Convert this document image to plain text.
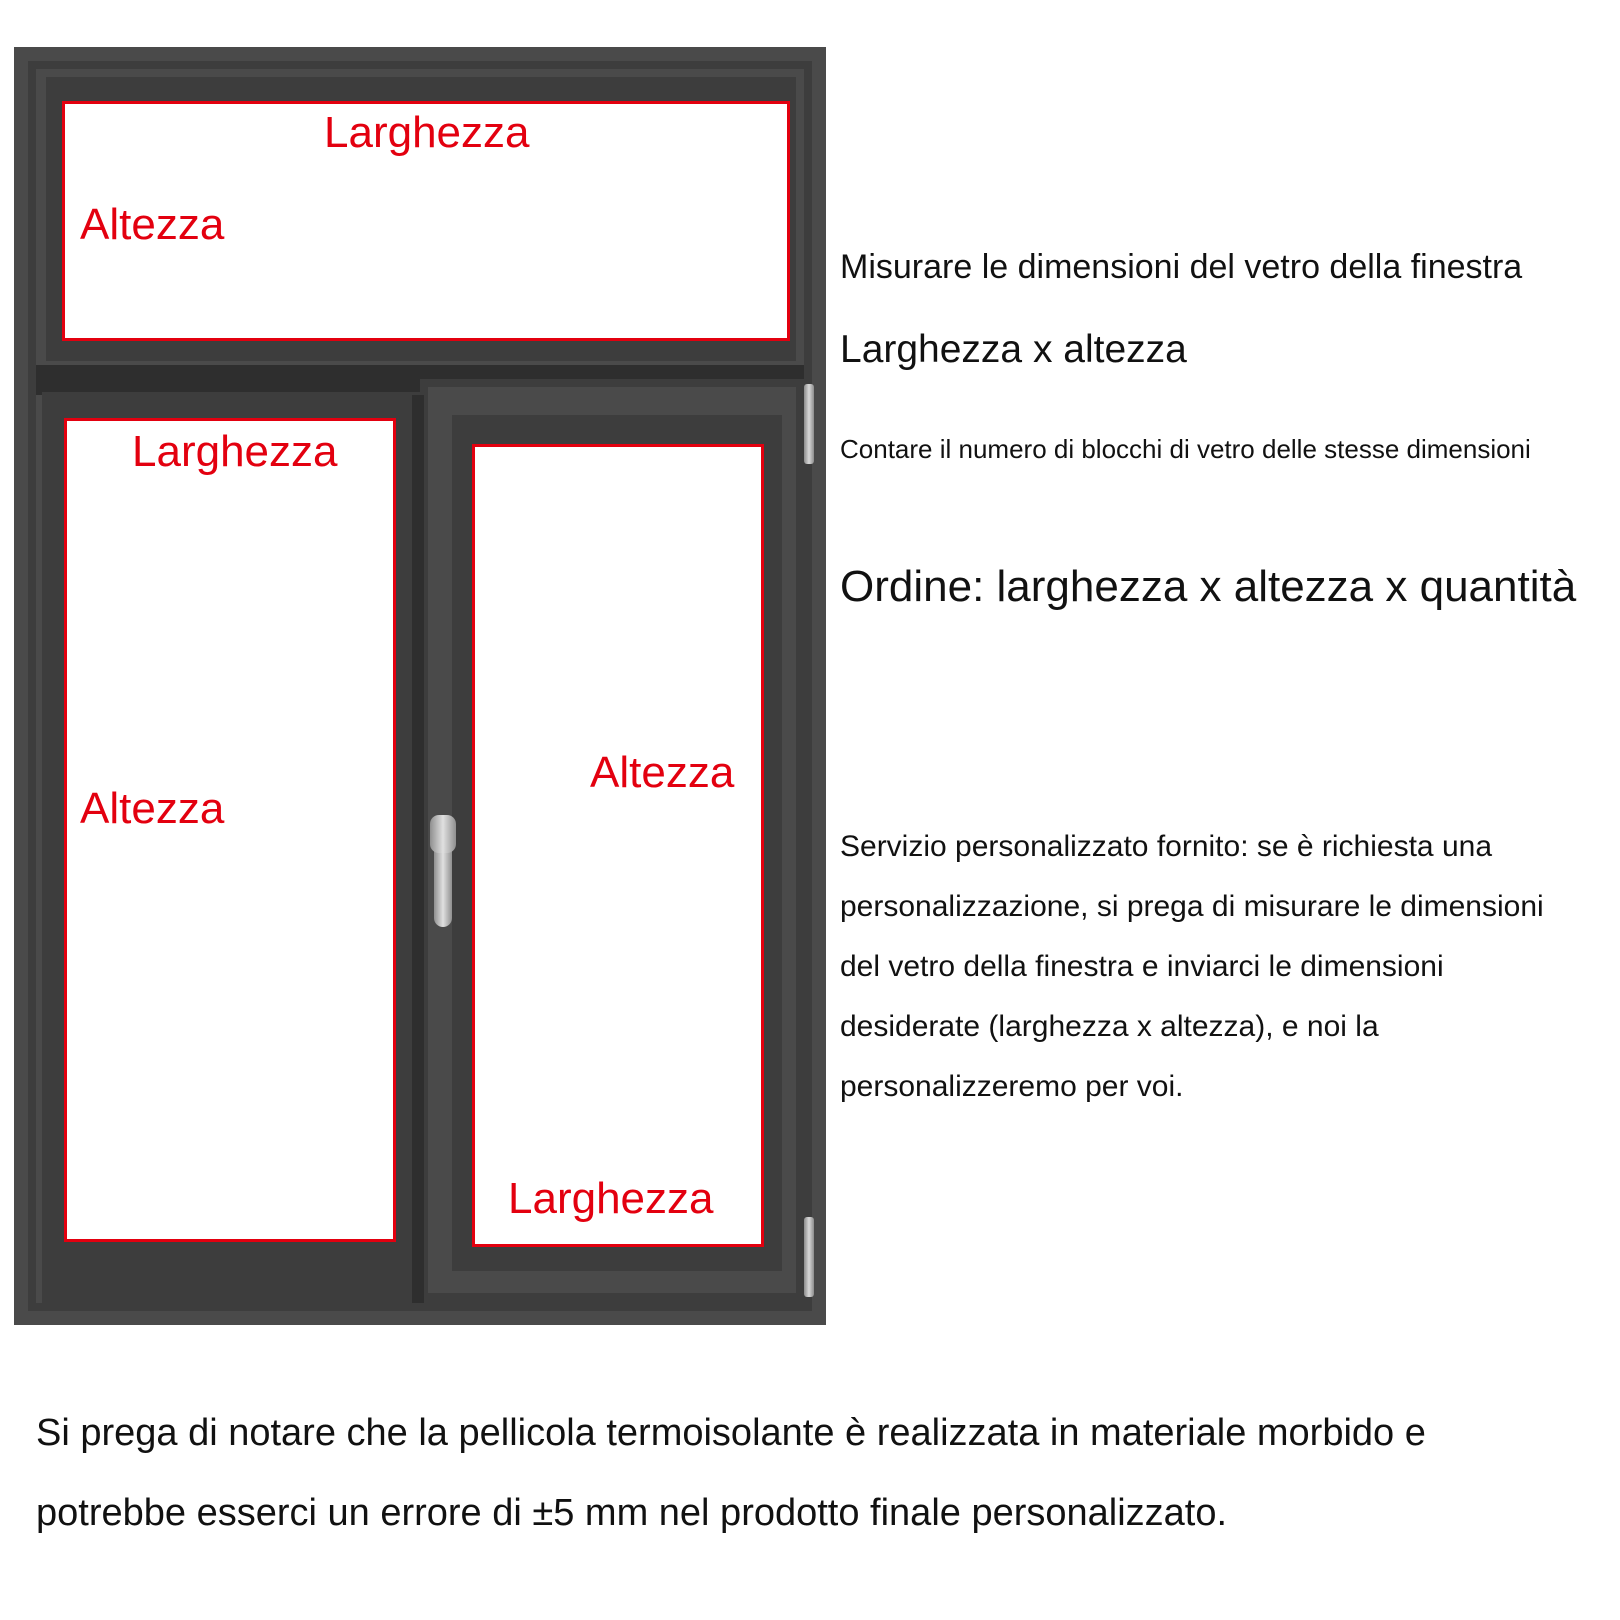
Larghezza
Altezza
Larghezza
Altezza
Altezza
Larghezza
Misurare le dimensioni del vetro della finestra
Larghezza x altezza
Contare il numero di blocchi di vetro delle stesse dimensioni
Ordine: larghezza x altezza x quantità
Servizio personalizzato fornito: se è richiesta una
personalizzazione, si prega di misurare le dimensioni
del vetro della finestra e inviarci le dimensioni
desiderate (larghezza x altezza), e noi la
personalizzeremo per voi.
Si prega di notare che la pellicola termoisolante è realizzata in materiale morbido e
potrebbe esserci un errore di ±5 mm nel prodotto finale personalizzato.
